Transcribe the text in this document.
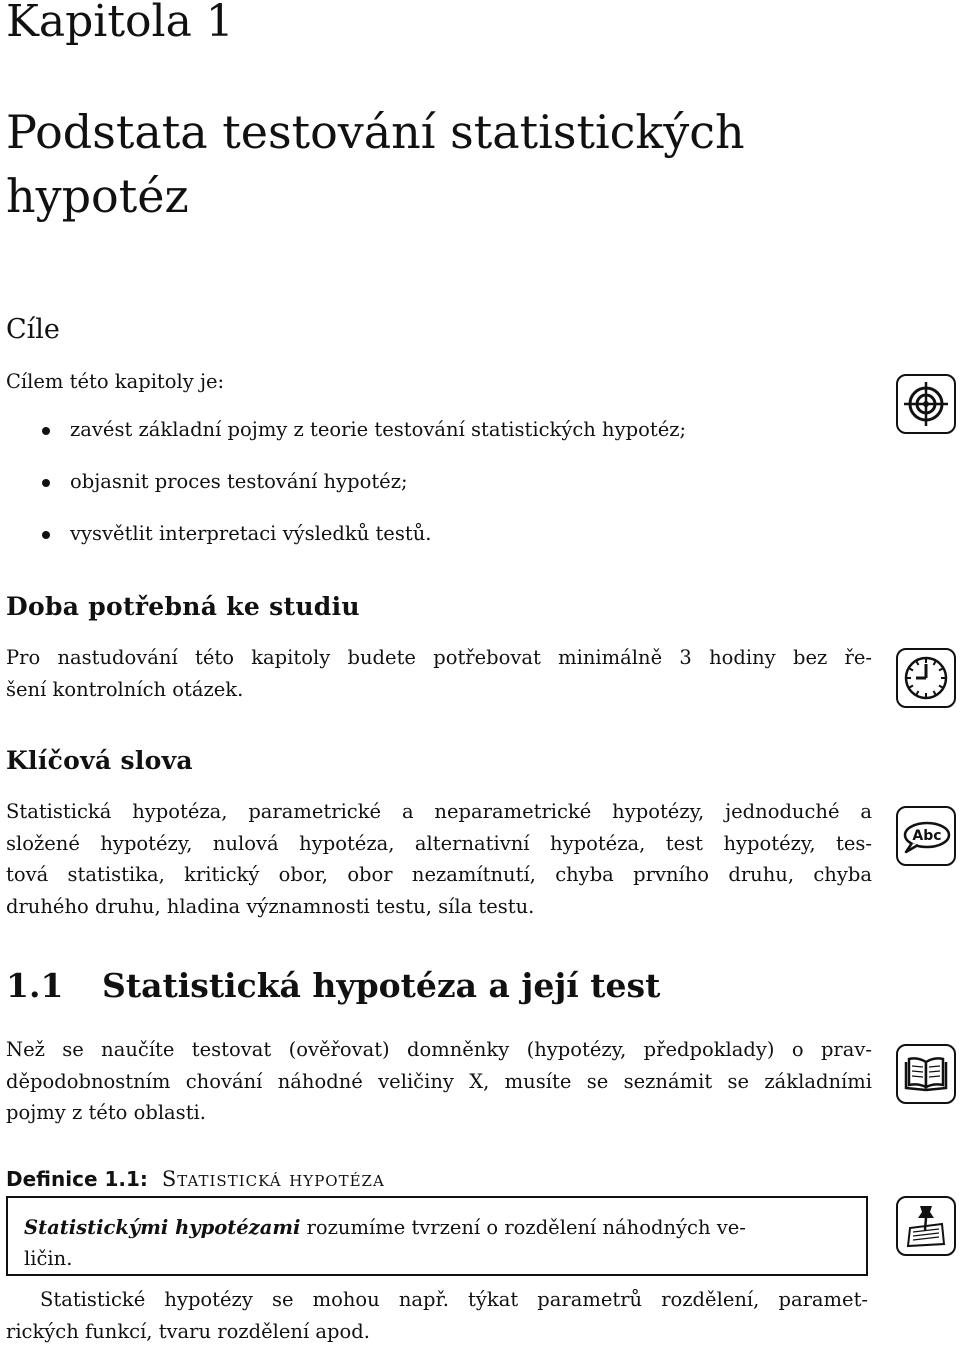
Kapitola 1
Podstata testování statistických
hypotéz
Cíle
Cílem této kapitoly je:
zavést základní pojmy z teorie testování statistických hypotéz;
objasnit proces testování hypotéz;
vysvětlit interpretaci výsledků testů.
Doba potřebná ke studiu
Pro nastudování této kapitoly budete potřebovat minimálně 3 hodiny bez ře-
šení kontrolních otázek.
Klíčová slova
Statistická hypotéza, parametrické a neparametrické hypotézy, jednoduché a
složené hypotézy, nulová hypotéza, alternativní hypotéza, test hypotézy, tes-
tová statistika, kritický obor, obor nezamítnutí, chyba prvního druhu, chyba
druhého druhu, hladina významnosti testu, síla testu.
1.1 Statistická hypotéza a její test
Než se naučíte testovat (ověřovat) domněnky (hypotézy, předpoklady) o prav-
děpodobnostním chování náhodné veličiny X, musíte se seznámit se základními
pojmy z této oblasti.
Definice 1.1: Statistická hypotéza
Statistickými hypotézami rozumíme tvrzení o rozdělení náhodných ve-
ličin.
Statistické hypotézy se mohou např. týkat parametrů rozdělení, paramet-
rických funkcí, tvaru rozdělení apod.
Abc
